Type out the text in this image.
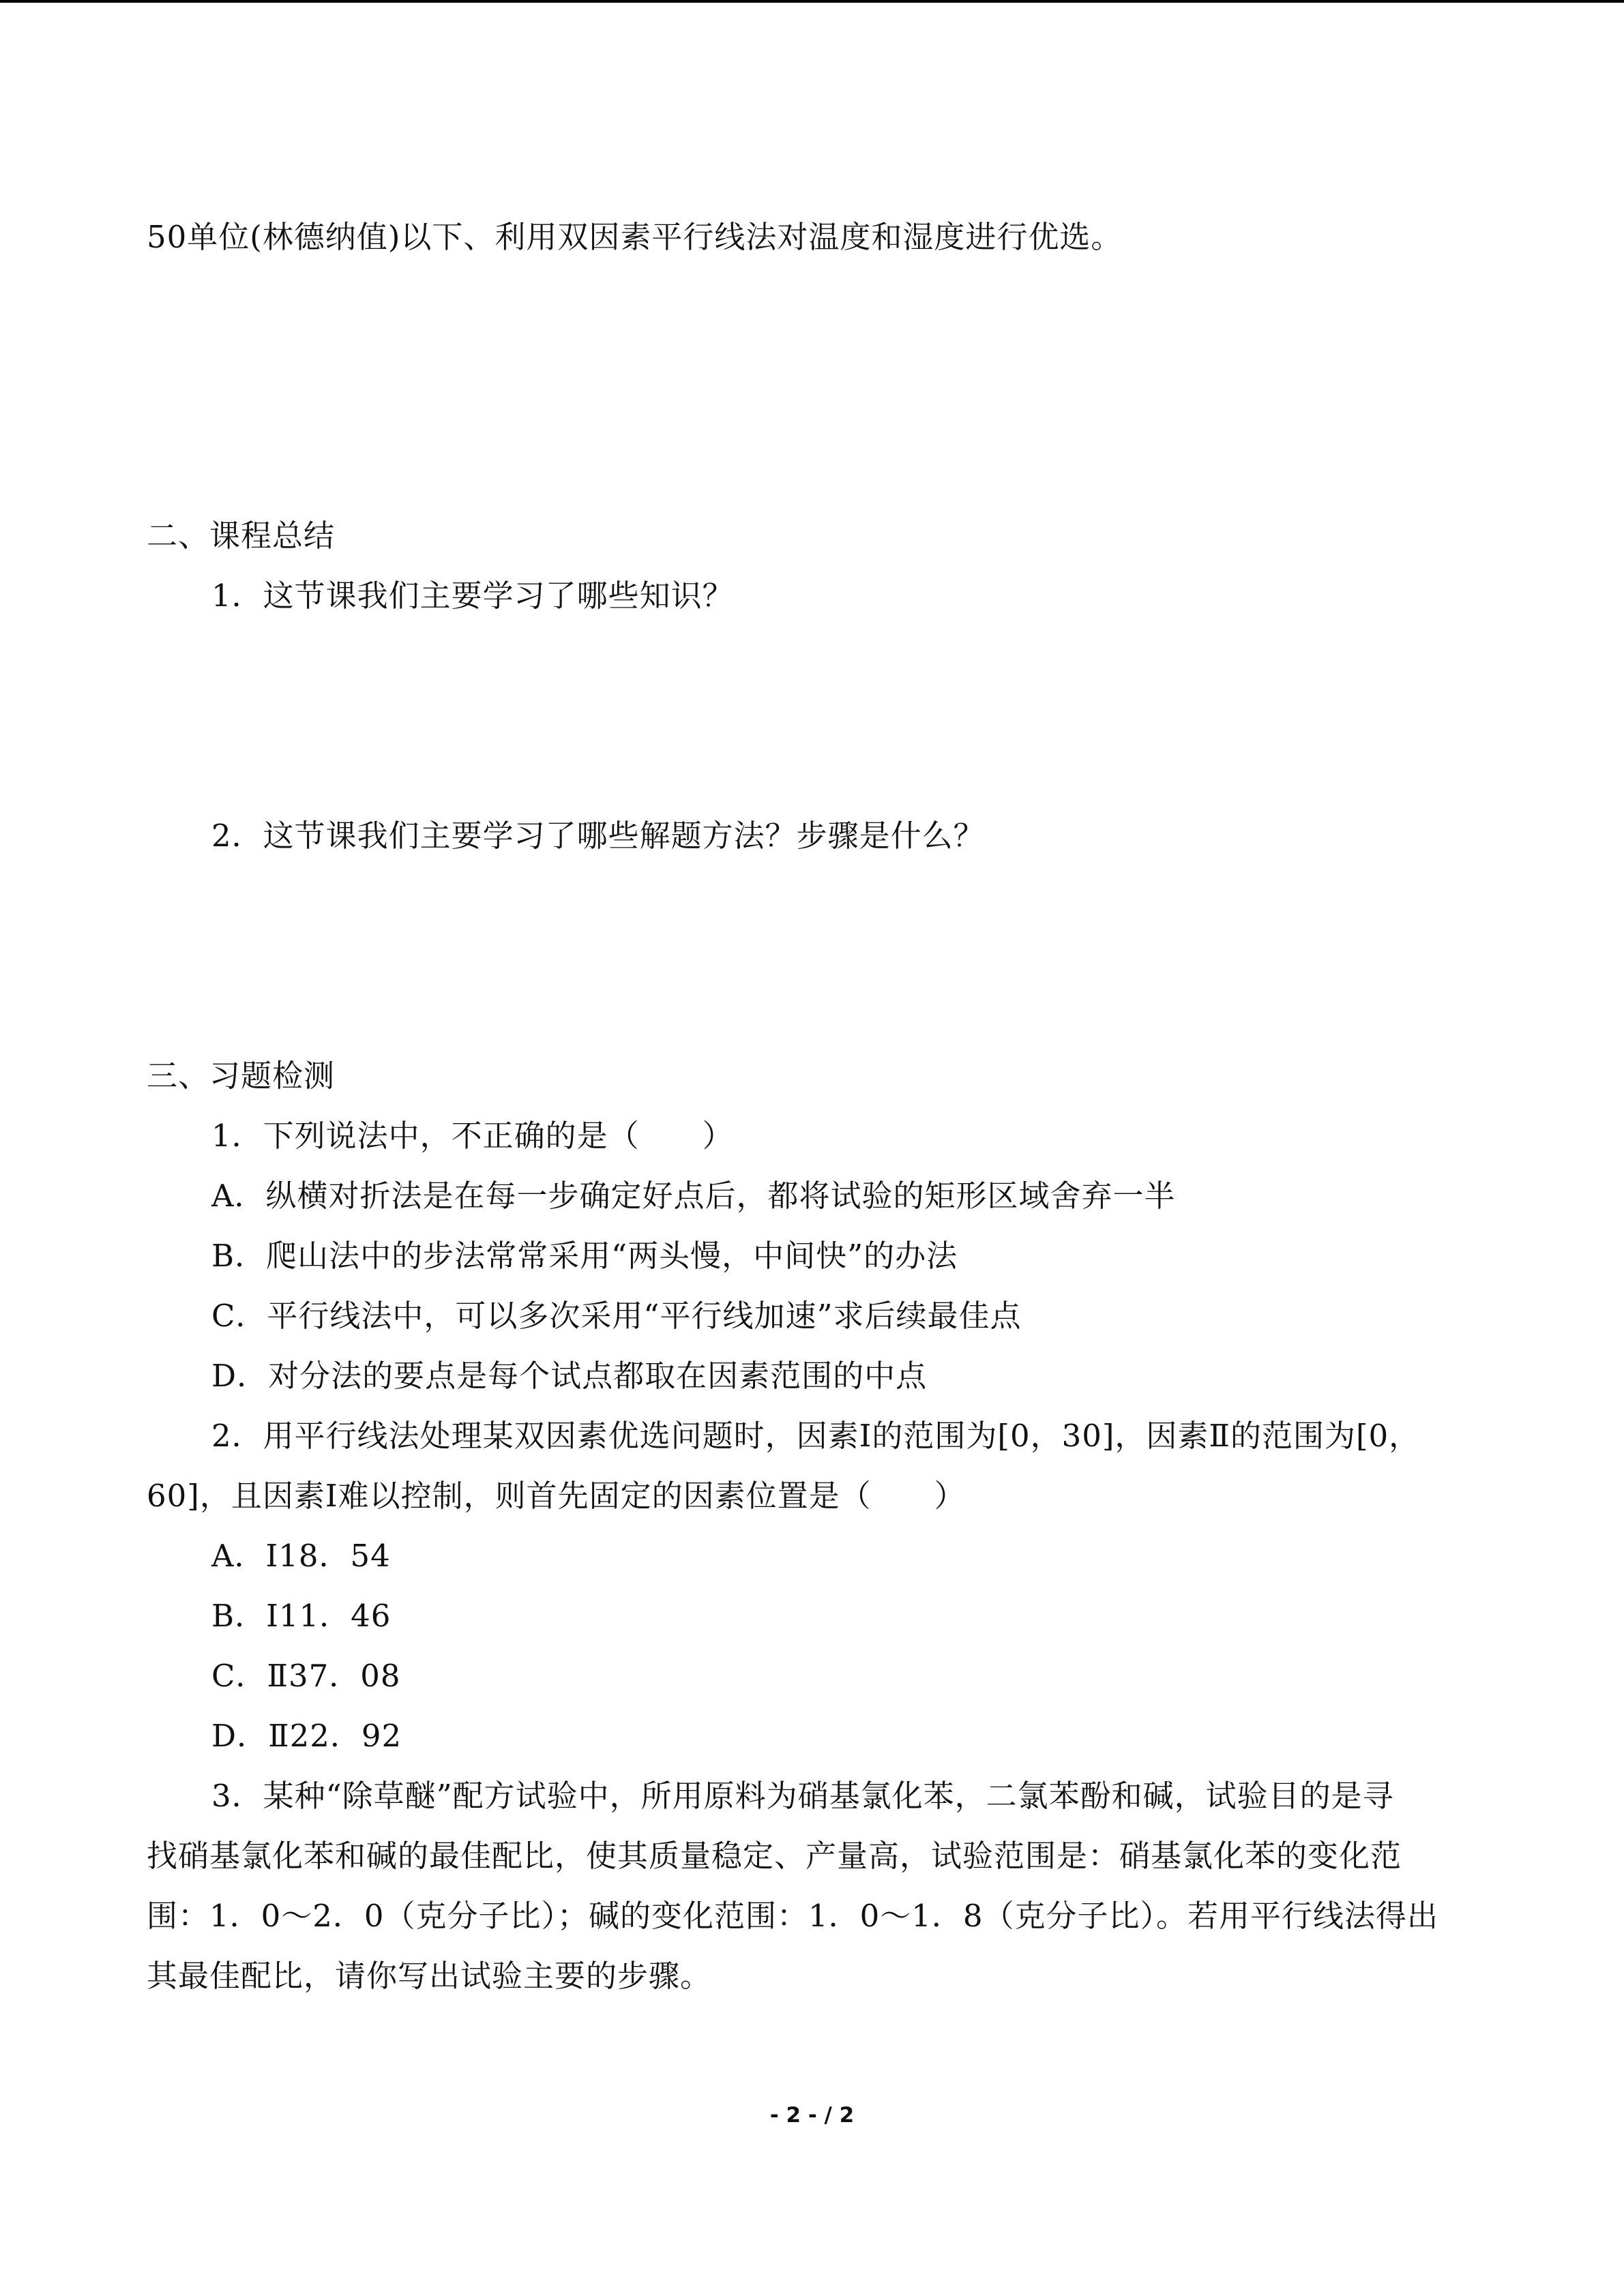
50单位(林德纳值)以下、利用双因素平行线法对温度和湿度进行优选。
二、课程总结
1．这节课我们主要学习了哪些知识？
2．这节课我们主要学习了哪些解题方法？步骤是什么？
三、习题检测
1．下列说法中，不正确的是（　　）
A．纵横对折法是在每一步确定好点后，都将试验的矩形区域舍弃一半
B．爬山法中的步法常常采用“两头慢，中间快”的办法
C．平行线法中，可以多次采用“平行线加速”求后续最佳点
D．对分法的要点是每个试点都取在因素范围的中点
2．用平行线法处理某双因素优选问题时，因素Ⅰ的范围为[0，30]，因素Ⅱ的范围为[0，
60]，且因素Ⅰ难以控制，则首先固定的因素位置是（　　）
A．Ⅰ18．54
B．Ⅰ11．46
C．Ⅱ37．08
D．Ⅱ22．92
3．某种“除草醚”配方试验中，所用原料为硝基氯化苯，二氯苯酚和碱，试验目的是寻
找硝基氯化苯和碱的最佳配比，使其质量稳定、产量高，试验范围是：硝基氯化苯的变化范
围：1．0～2．0（克分子比）；碱的变化范围：1．0～1．8（克分子比）。若用平行线法得出
其最佳配比，请你写出试验主要的步骤。
- 2 - / 2
